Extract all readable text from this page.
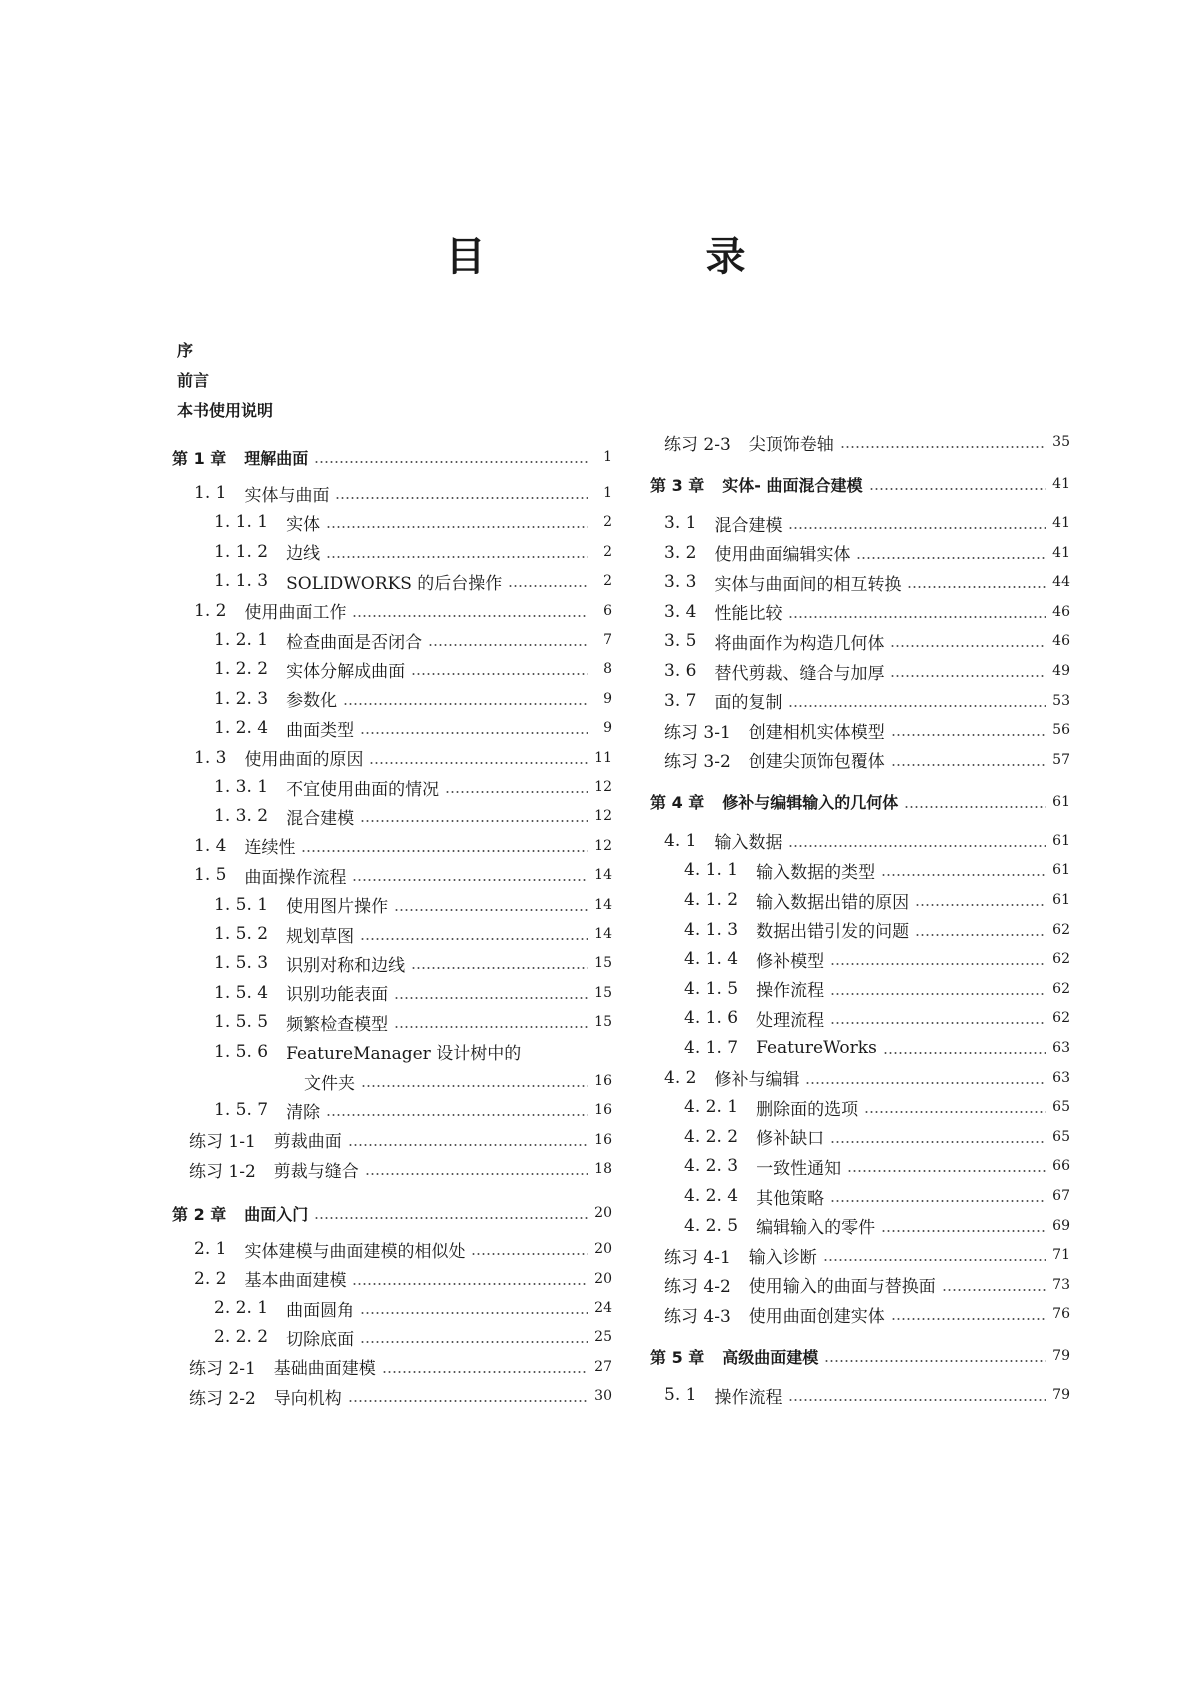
目　录
序
前言
本书使用说明
第 1 章 理解曲面	1
1. 1 实体与曲面	1
1. 1. 1 实体	2
1. 1. 2 边线	2
1. 1. 3 SOLIDWORKS 的后台操作	2
1. 2 使用曲面工作	6
1. 2. 1 检查曲面是否闭合	7
1. 2. 2 实体分解成曲面	8
1. 2. 3 参数化	9
1. 2. 4 曲面类型	9
1. 3 使用曲面的原因	11
1. 3. 1 不宜使用曲面的情况	12
1. 3. 2 混合建模	12
1. 4 连续性	12
1. 5 曲面操作流程	14
1. 5. 1 使用图片操作	14
1. 5. 2 规划草图	14
1. 5. 3 识别对称和边线	15
1. 5. 4 识别功能表面	15
1. 5. 5 频繁检查模型	15
1. 5. 6 FeatureManager 设计树中的
文件夹	16
1. 5. 7 清除	16
练习 1-1 剪裁曲面	16
练习 1-2 剪裁与缝合	18
第 2 章 曲面入门	20
2. 1 实体建模与曲面建模的相似处	20
2. 2 基本曲面建模	20
2. 2. 1 曲面圆角	24
2. 2. 2 切除底面	25
练习 2-1 基础曲面建模	27
练习 2-2 导向机构	30
练习 2-3 尖顶饰卷轴	35
第 3 章 实体- 曲面混合建模	41
3. 1 混合建模	41
3. 2 使用曲面编辑实体	41
3. 3 实体与曲面间的相互转换	44
3. 4 性能比较	46
3. 5 将曲面作为构造几何体	46
3. 6 替代剪裁、缝合与加厚	49
3. 7 面的复制	53
练习 3-1 创建相机实体模型	56
练习 3-2 创建尖顶饰包覆体	57
第 4 章 修补与编辑输入的几何体	61
4. 1 输入数据	61
4. 1. 1 输入数据的类型	61
4. 1. 2 输入数据出错的原因	61
4. 1. 3 数据出错引发的问题	62
4. 1. 4 修补模型	62
4. 1. 5 操作流程	62
4. 1. 6 处理流程	62
4. 1. 7 FeatureWorks	63
4. 2 修补与编辑	63
4. 2. 1 删除面的选项	65
4. 2. 2 修补缺口	65
4. 2. 3 一致性通知	66
4. 2. 4 其他策略	67
4. 2. 5 编辑输入的零件	69
练习 4-1 输入诊断	71
练习 4-2 使用输入的曲面与替换面	73
练习 4-3 使用曲面创建实体	76
第 5 章 高级曲面建模	79
5. 1 操作流程	79
